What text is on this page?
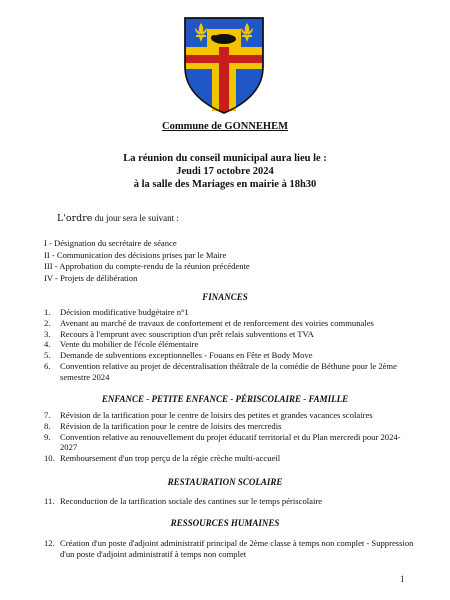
Commune de GONNEHEM
La réunion du conseil municipal aura lieu le :
Jeudi 17 octobre 2024
à la salle des Mariages en mairie à 18h30
L'ordre du jour sera le suivant :
I - Désignation du secrétaire de séance
II - Communication des décisions prises par le Maire
III - Approbation du compte-rendu de la réunion précédente
IV - Projets de délibération
FINANCES
1.	Décision modificative budgétaire n°1
2.	Avenant au marché de travaux de confortement et de renforcement des voiries communales
3.	Recours à l'emprunt avec souscription d'un prêt relais subventions et TVA
4.	Vente du mobilier de l'école élémentaire
5.	Demande de subventions exceptionnelles - Fouans en Fête et Body Move
6.	Convention relative au projet de décentralisation théâtrale de la comédie de Béthune pour le 2ème semestre 2024
ENFANCE - PETITE ENFANCE - PÉRISCOLAIRE - FAMILLE
7.	Révision de la tarification pour le centre de loisirs des petites et grandes vacances scolaires
8.	Révision de la tarification pour le centre de loisirs des mercredis
9.	Convention relative au renouvellement du projet éducatif territorial et du Plan mercredi pour 2024-2027
10. Remboursement d'un trop perçu de la régie crèche multi-accueil
RESTAURATION SCOLAIRE
11. Reconduction de la tarification sociale des cantines sur le temps périscolaire
RESSOURCES HUMAINES
12. Création d'un poste d'adjoint administratif principal de 2ème classe à temps non complet - Suppression d'un poste d'adjoint administratif à temps non complet
1
